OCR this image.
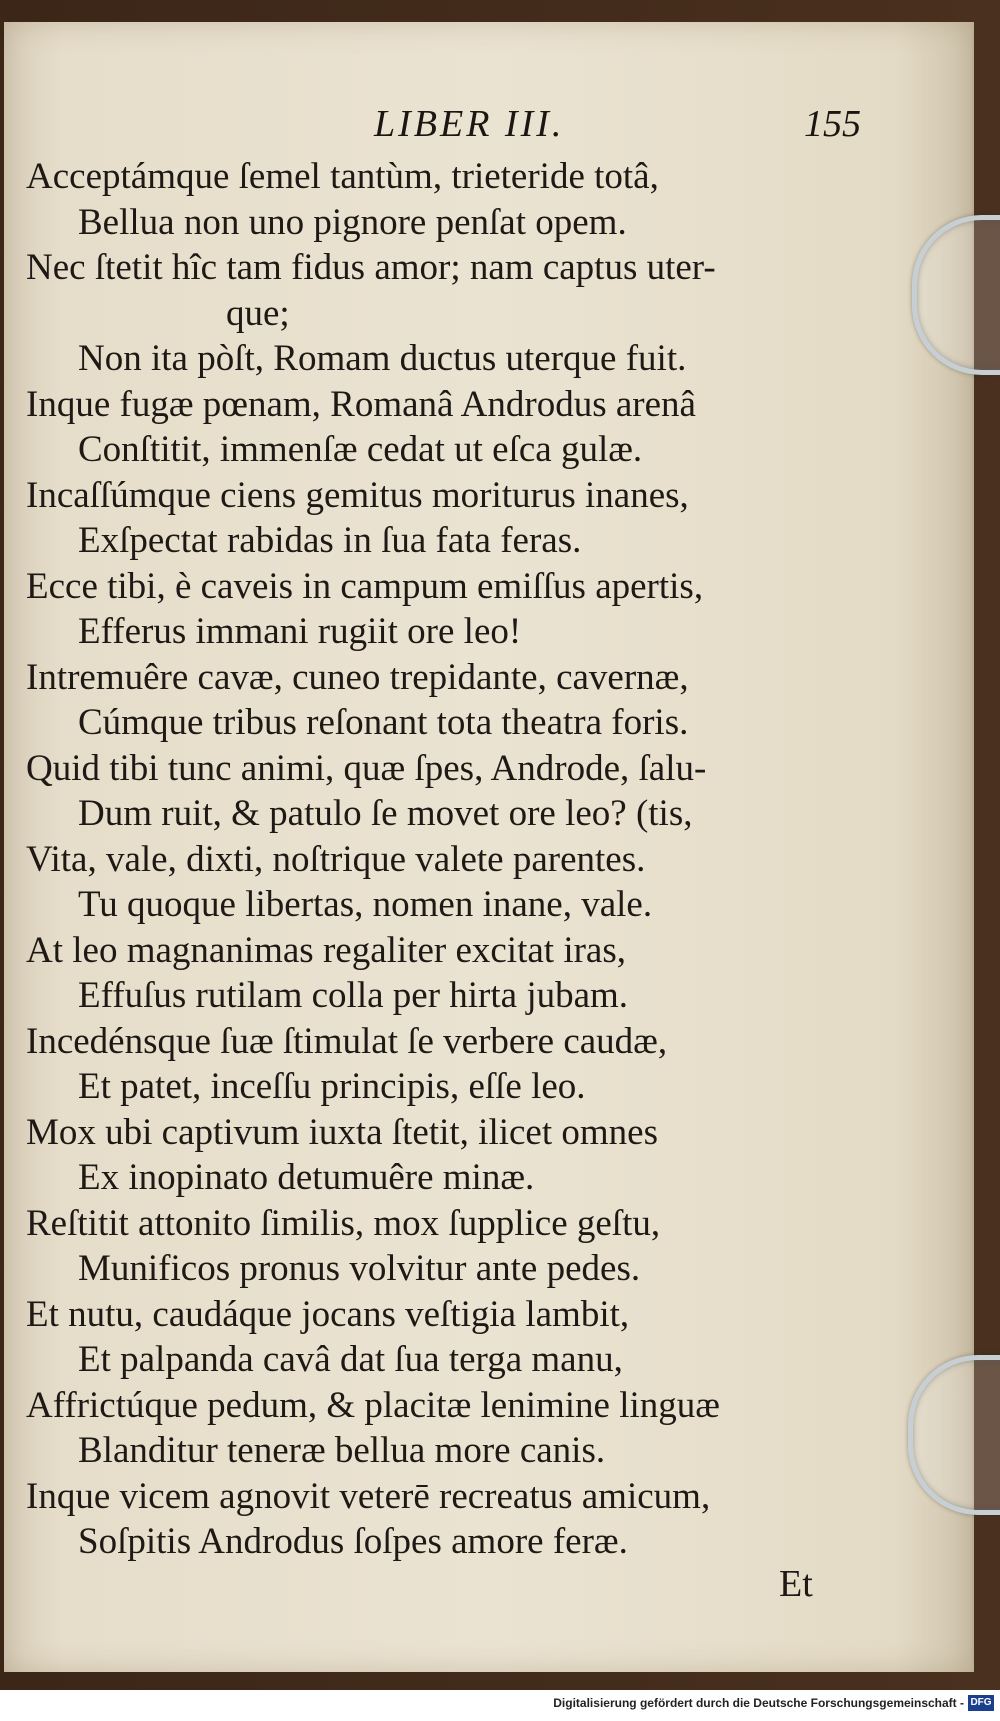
LIBER III.	155
Acceptámque ſemel tantùm, trieteride totâ,
Bellua non uno pignore penſat opem.
Nec ſtetit hîc tam fidus amor; nam captus uter-
que;
Non ita pòſt, Romam ductus uterque fuit.
Inque fugæ pœnam, Romanâ Androdus arenâ
Conſtitit, immenſæ cedat ut eſca gulæ.
Incaſſúmque ciens gemitus moriturus inanes,
Exſpectat rabidas in ſua fata feras.
Ecce tibi, è caveis in campum emiſſus apertis,
Efferus immani rugiit ore leo!
Intremuêre cavæ, cuneo trepidante, cavernæ,
Cúmque tribus reſonant tota theatra foris.
Quid tibi tunc animi, quæ ſpes, Androde, ſalu-
Dum ruit, & patulo ſe movet ore leo? (tis,
Vita, vale, dixti, noſtrique valete parentes.
Tu quoque libertas, nomen inane, vale.
At leo magnanimas regaliter excitat iras,
Effuſus rutilam colla per hirta jubam.
Incedénsque ſuæ ſtimulat ſe verbere caudæ,
Et patet, inceſſu principis, eſſe leo.
Mox ubi captivum iuxta ſtetit, ilicet omnes
Ex inopinato detumuêre minæ.
Reſtitit attonito ſimilis, mox ſupplice geſtu,
Munificos pronus volvitur ante pedes.
Et nutu, caudáque jocans veſtigia lambit,
Et palpanda cavâ dat ſua terga manu,
Affrictúque pedum, & placitæ lenimine linguæ
Blanditur teneræ bellua more canis.
Inque vicem agnovit veterē recreatus amicum,
Soſpitis Androdus ſoſpes amore feræ.
Et
Digitalisierung gefördert durch die Deutsche Forschungsgemeinschaft - DFG
